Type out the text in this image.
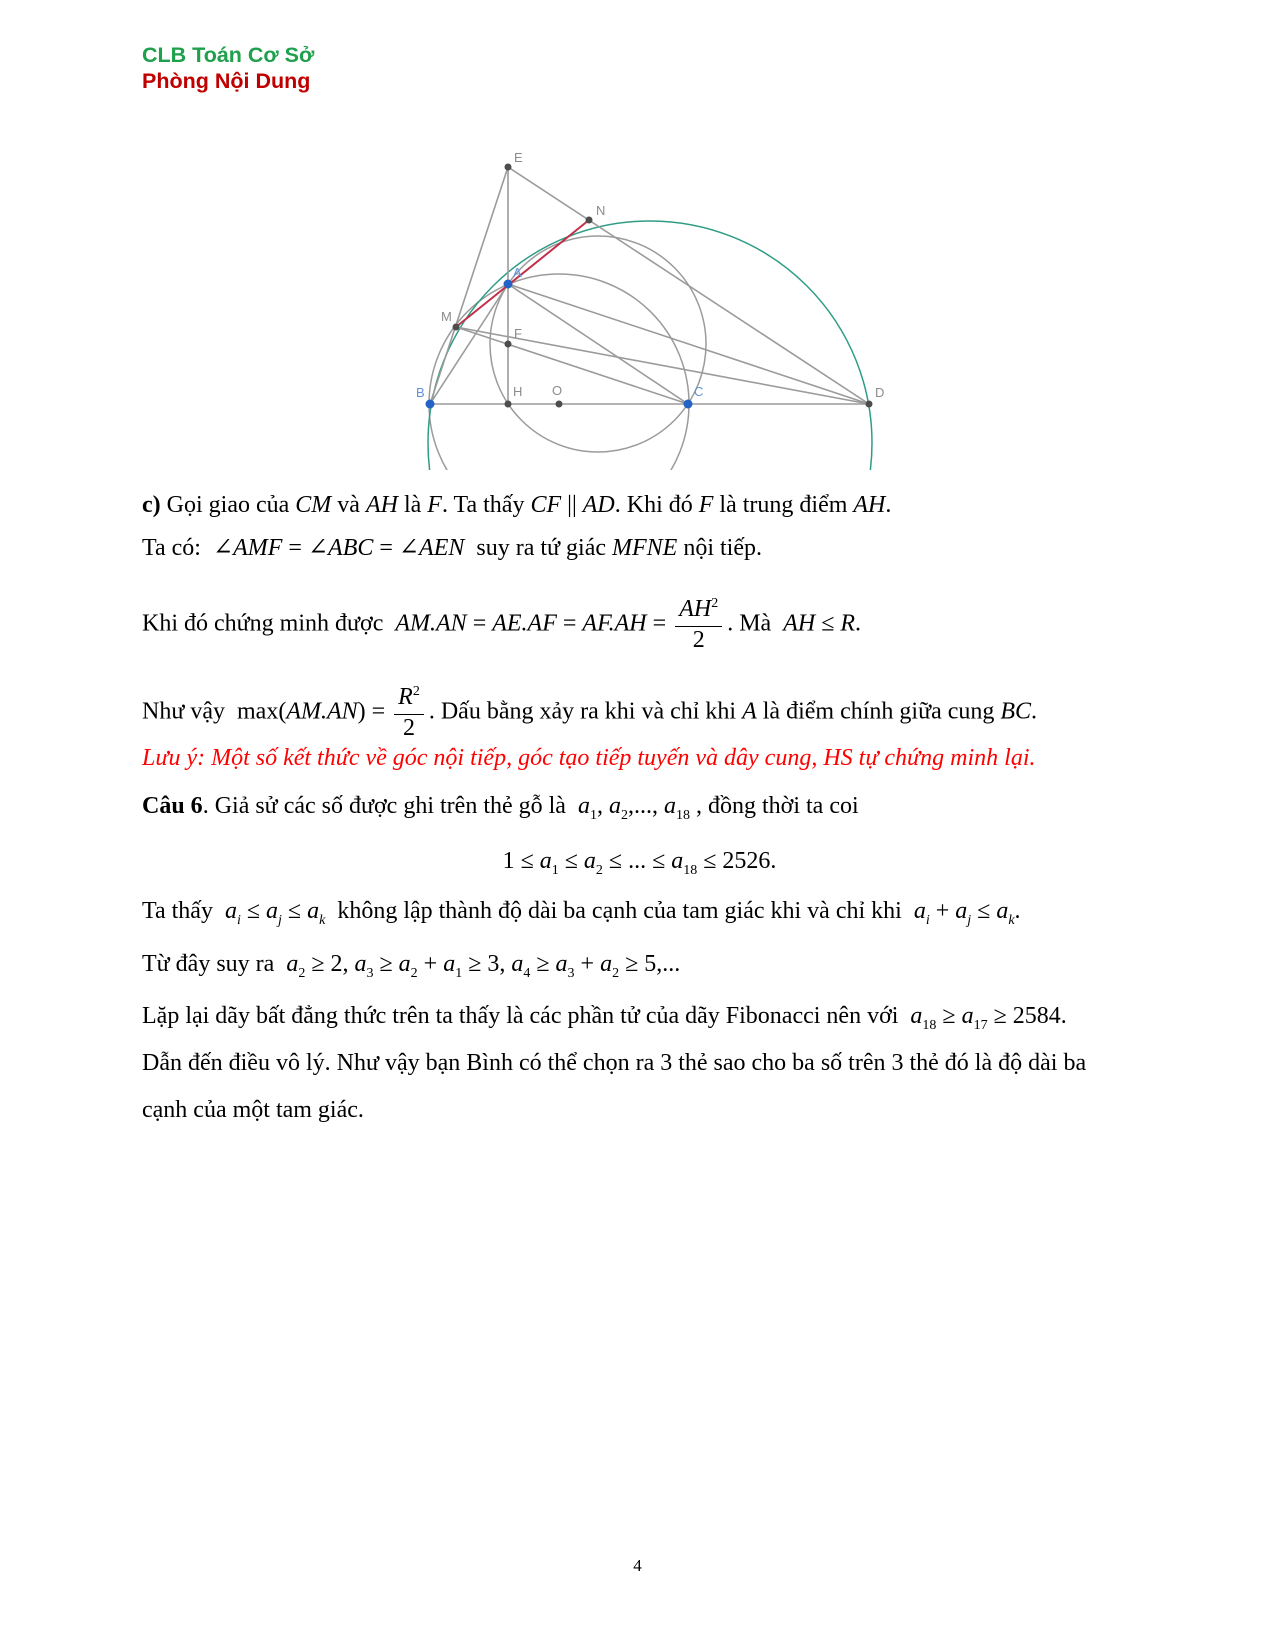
CLB Toán Cơ Sở
Phòng Nội Dung
E
N
A
M
F
B	H O	C	D
c) Gọi giao của CM và AH là F. Ta thấy CF || AD. Khi đó F là trung điểm AH.
Ta có:  ∠AMF = ∠ABC = ∠AEN  suy ra tứ giác MFNE nội tiếp.
Khi đó chứng minh được  $AM.AN = AE.AF = AF.AH = \frac{AH^2}{2}$ . Mà  AH ≤ R.
Như vậy  $\max(AM.AN) = \frac{R^2}{2}$ . Dấu bằng xảy ra khi và chỉ khi A là điểm chính giữa cung BC.
Lưu ý: Một số kết thức về góc nội tiếp, góc tạo tiếp tuyến và dây cung, HS tự chứng minh lại.
Câu 6. Giả sử các số được ghi trên thẻ gỗ là  $a_1$, $a_2$,..., $a_{18}$ , đồng thời ta coi
$1 \le a_1 \le a_2$ ≤ ... ≤ $a_{18} \le 2526$.
Ta thấy  $a_i \le a_j \le a_k$  không lập thành độ dài ba cạnh của tam giác khi và chỉ khi  $a_i + a_j \le a_k$.
Từ đây suy ra  $a_2 \ge 2$, $a_3 \ge a_2 + a_1 \ge 3$, $a_4 \ge a_3 + a_2 \ge 5$,...
Lặp lại dãy bất đẳng thức trên ta thấy là các phần tử của dãy Fibonacci nên với  $a_{18} \ge a_{17} \ge 2584$.
Dẫn đến điều vô lý. Như vậy bạn Bình có thể chọn ra 3 thẻ sao cho ba số trên 3 thẻ đó là độ dài ba
cạnh của một tam giác.
4
